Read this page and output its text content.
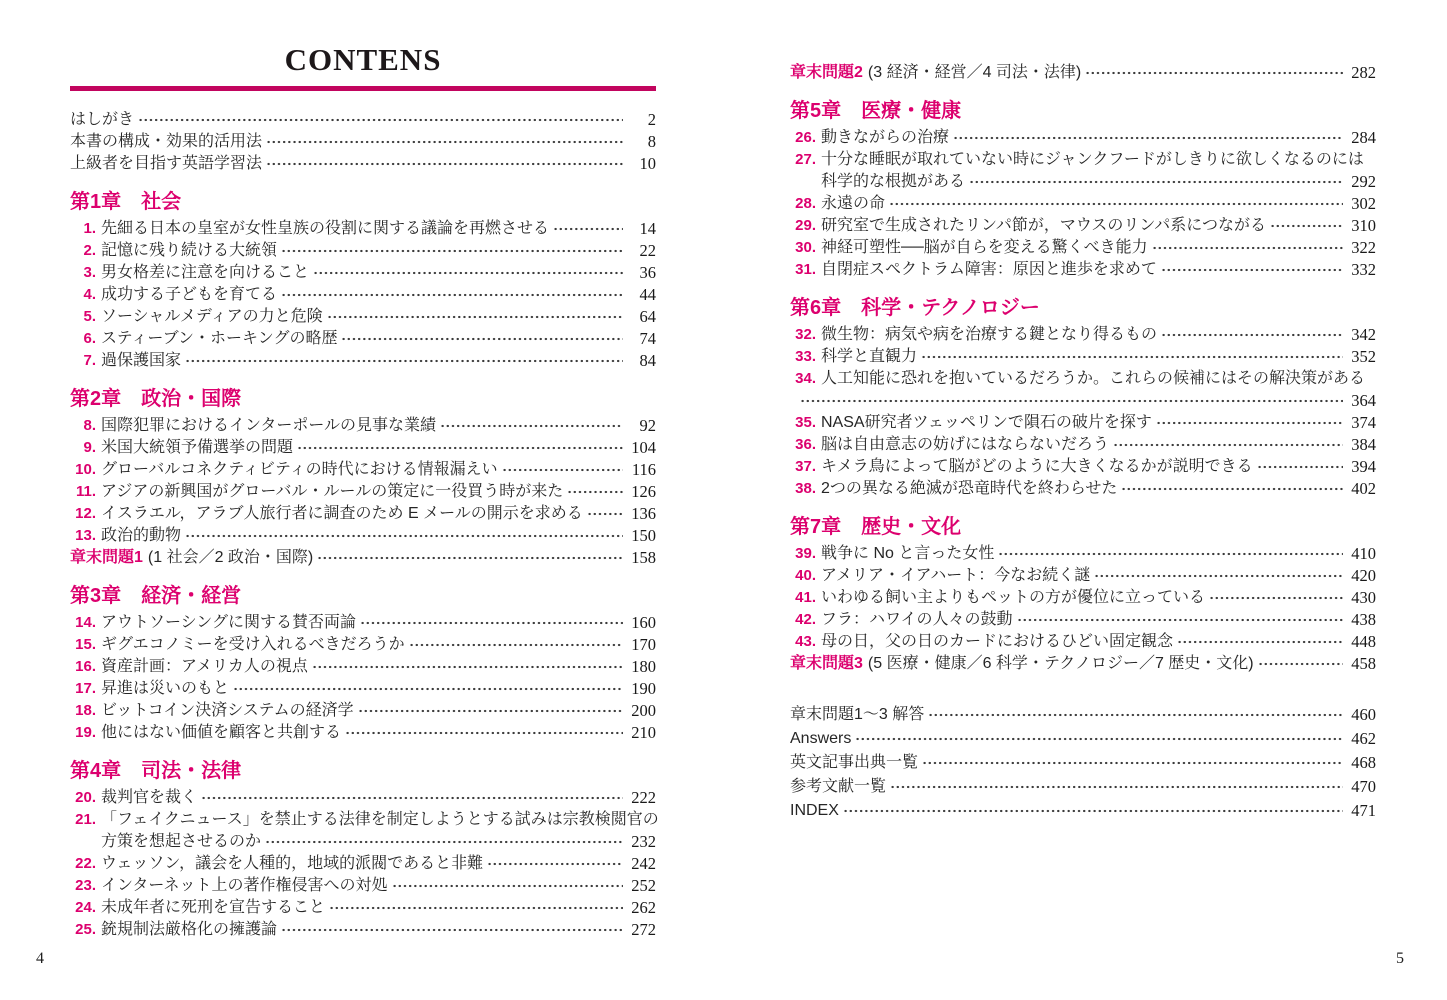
CONTENS
はしがき	2
本書の構成・効果的活用法	8
上級者を目指す英語学習法	10
第1章　社会
1. 先細る日本の皇室が女性皇族の役割に関する議論を再燃させる	14
2. 記憶に残り続ける大統領	22
3. 男女格差に注意を向けること	36
4. 成功する子どもを育てる	44
5. ソーシャルメディアの力と危険	64
6. スティーブン・ホーキングの略歴	74
7. 過保護国家	84
第2章　政治・国際
8. 国際犯罪におけるインターポールの見事な業績	92
9. 米国大統領予備選挙の問題	104
10. グローバルコネクティビティの時代における情報漏えい	116
11. アジアの新興国がグローバル・ルールの策定に一役買う時が来た	126
12. イスラエル，アラブ人旅行者に調査のため E メールの開示を求める	136
13. 政治的動物	150
章末問題1 (1 社会／2 政治・国際)	158
第3章　経済・経営
14. アウトソーシングに関する賛否両論	160
15. ギグエコノミーを受け入れるべきだろうか	170
16. 資産計画：アメリカ人の視点	180
17. 昇進は災いのもと	190
18. ビットコイン決済システムの経済学	200
19. 他にはない価値を顧客と共創する	210
第4章　司法・法律
20. 裁判官を裁く	222
21. 「フェイクニュース」を禁止する法律を制定しようとする試みは宗教検閲官の
方策を想起させるのか	232
22. ウェッソン，議会を人種的，地域的派閥であると非難	242
23. インターネット上の著作権侵害への対処	252
24. 未成年者に死刑を宣告すること	262
25. 銃規制法厳格化の擁護論	272
章末問題2 (3 経済・経営／4 司法・法律)	282
第5章　医療・健康
26. 動きながらの治療	284
27. 十分な睡眠が取れていない時にジャンクフードがしきりに欲しくなるのには
科学的な根拠がある	292
28. 永遠の命	302
29. 研究室で生成されたリンパ節が，マウスのリンパ系につながる	310
30. 神経可塑性──脳が自らを変える驚くべき能力	322
31. 自閉症スペクトラム障害：原因と進歩を求めて	332
第6章　科学・テクノロジー
32. 微生物：病気や病を治療する鍵となり得るもの	342
33. 科学と直観力	352
34. 人工知能に恐れを抱いているだろうか。これらの候補にはその解決策がある
364
35. NASA研究者ツェッペリンで隕石の破片を探す	374
36. 脳は自由意志の妨げにはならないだろう	384
37. キメラ鳥によって脳がどのように大きくなるかが説明できる	394
38. 2つの異なる絶滅が恐竜時代を終わらせた	402
第7章　歴史・文化
39. 戦争に No と言った女性	410
40. アメリア・イアハート：今なお続く謎	420
41. いわゆる飼い主よりもペットの方が優位に立っている	430
42. フラ：ハワイの人々の鼓動	438
43. 母の日，父の日のカードにおけるひどい固定観念	448
章末問題3 (5 医療・健康／6 科学・テクノロジー／7 歴史・文化)	458
章末問題1〜3 解答	460
Answers	462
英文記事出典一覧	468
参考文献一覧	470
INDEX	471
4	5
